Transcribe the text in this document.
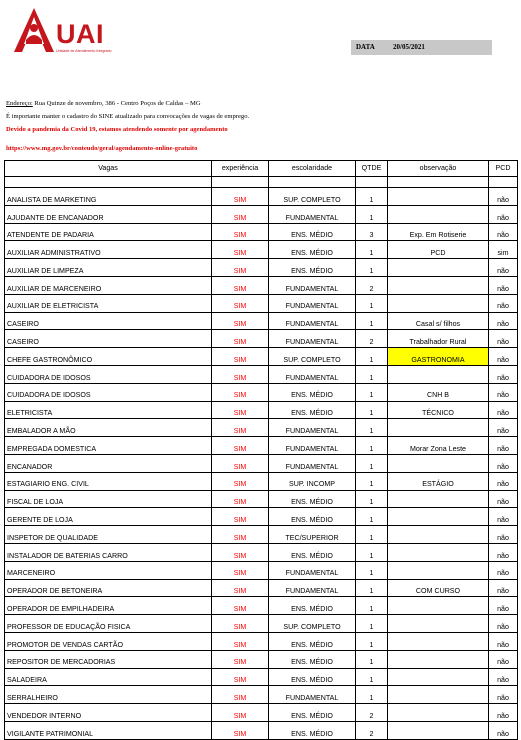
UAI
Unidade de Atendimento Integrado	DATA	20/05/2021
Endereço: Rua Quinze de novembro, 386 - Centro Poços de Caldas – MG
É importante manter o cadastro do SINE atualizado para convocações de vagas de emprego.
Devido a pandemia da Covid 19, estamos atendendo somente por agendamento
https://www.mg.gov.br/conteudo/geral/agendamento-online-gratuito
Vagas	experiência	escolaridade	QTDE	observação	PCD

ANALISTA DE MARKETING	SIM	SUP. COMPLETO	1		não
AJUDANTE DE ENCANADOR	SIM	FUNDAMENTAL	1		não
ATENDENTE DE PADARIA	SIM	ENS. MÉDIO	3	Exp. Em Rotiserie	não
AUXILIAR ADMINISTRATIVO	SIM	ENS. MÉDIO	1	PCD	sim
AUXILIAR DE LIMPEZA	SIM	ENS. MÉDIO	1		não
AUXILIAR DE MARCENEIRO	SIM	FUNDAMENTAL	2		não
AUXILIAR DE ELETRICISTA	SIM	FUNDAMENTAL	1		não
CASEIRO	SIM	FUNDAMENTAL	1	Casal s/ filhos	não
CASEIRO	SIM	FUNDAMENTAL	2	Trabalhador Rural	não
CHEFE GASTRONÔMICO	SIM	SUP. COMPLETO	1	GASTRONOMIA	não
CUIDADORA DE IDOSOS	SIM	FUNDAMENTAL	1		não
CUIDADORA DE IDOSOS	SIM	ENS. MÉDIO	1	CNH B	não
ELETRICISTA	SIM	ENS. MÉDIO	1	TÉCNICO	não
EMBALADOR A MÃO	SIM	FUNDAMENTAL	1		não
EMPREGADA DOMESTICA	SIM	FUNDAMENTAL	1	Morar Zona Leste	não
ENCANADOR	SIM	FUNDAMENTAL	1		não
ESTAGIARIO ENG. CIVIL	SIM	SUP. INCOMP	1	ESTÁGIO	não
FISCAL DE LOJA	SIM	ENS. MÉDIO	1		não
GERENTE DE LOJA	SIM	ENS. MÉDIO	1		não
INSPETOR DE QUALIDADE	SIM	TEC/SUPERIOR	1		não
INSTALADOR DE BATERIAS CARRO	SIM	ENS. MÉDIO	1		não
MARCENEIRO	SIM	FUNDAMENTAL	1		não
OPERADOR DE BETONEIRA	SIM	FUNDAMENTAL	1	COM CURSO	não
OPERADOR DE EMPILHADEIRA	SIM	ENS. MÉDIO	1		não
PROFESSOR DE EDUCAÇÃO FISICA	SIM	SUP. COMPLETO	1		não
PROMOTOR DE VENDAS CARTÃO	SIM	ENS. MÉDIO	1		não
REPOSITOR DE MERCADORIAS	SIM	ENS. MÉDIO	1		não
SALADEIRA	SIM	ENS. MÉDIO	1		não
SERRALHEIRO	SIM	FUNDAMENTAL	1		não
VENDEDOR INTERNO	SIM	ENS. MÉDIO	2		não
VIGILANTE PATRIMONIAL	SIM	ENS. MÉDIO	2		não
